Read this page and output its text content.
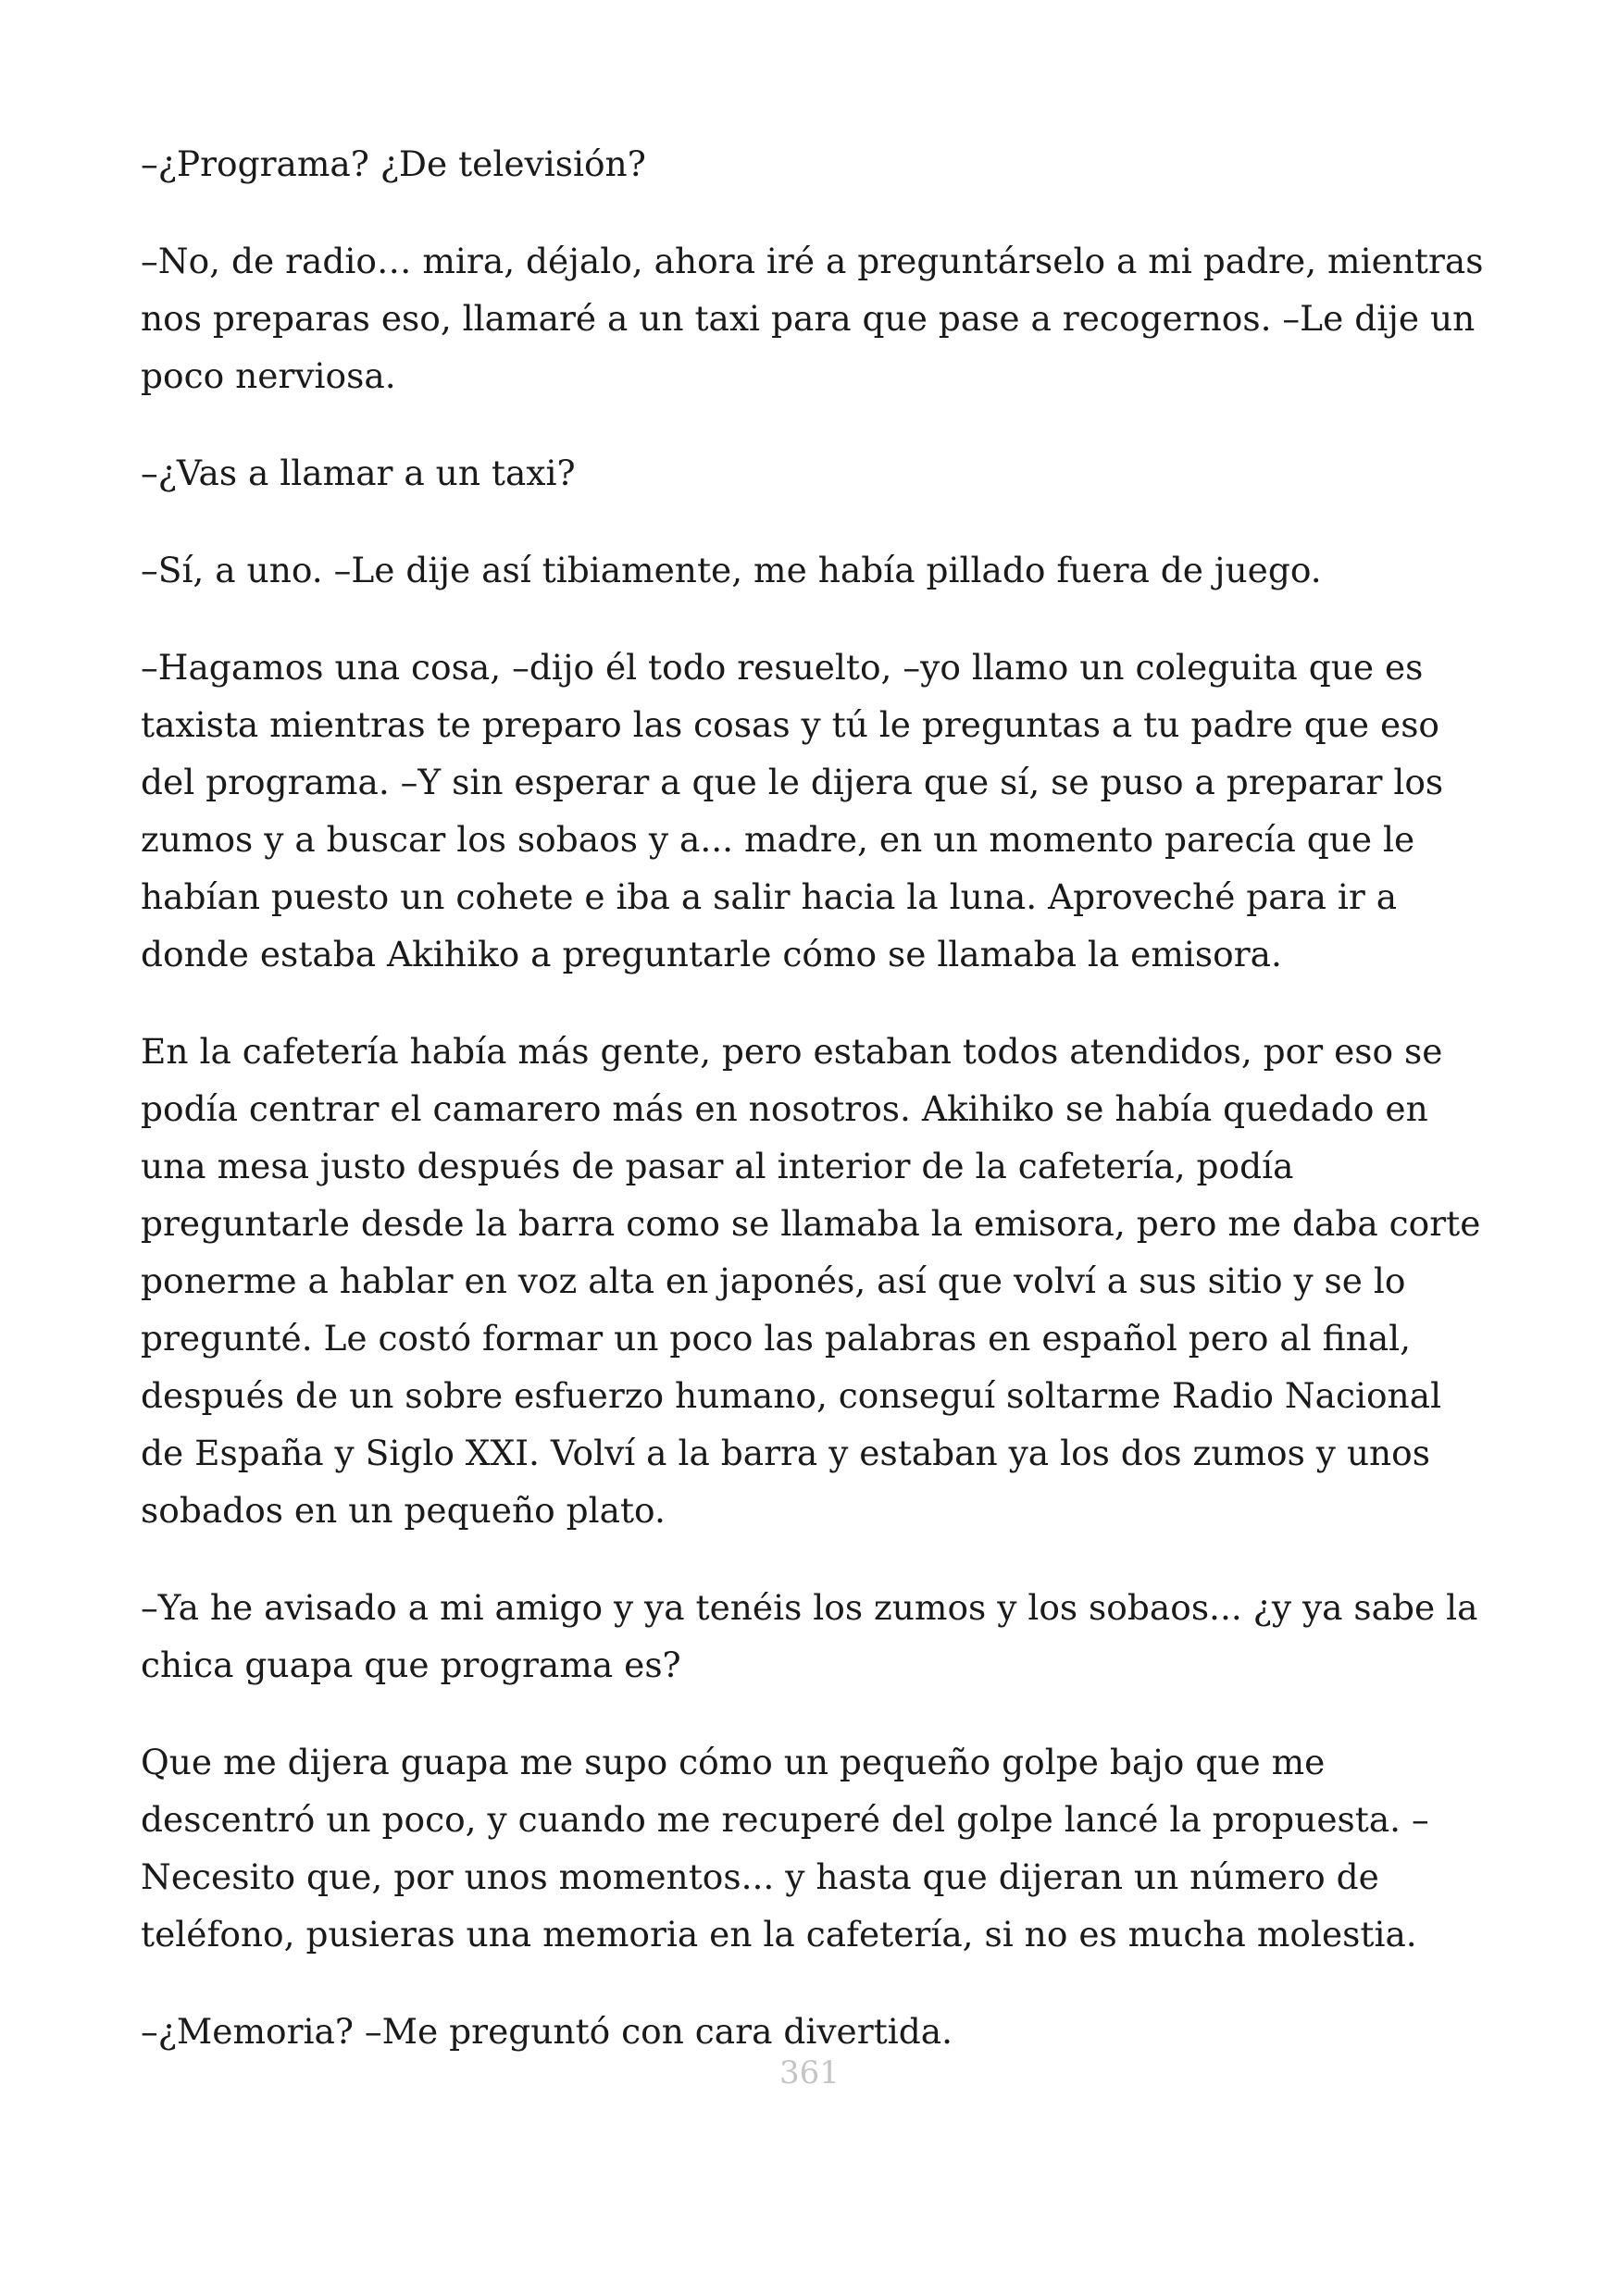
–¿Programa? ¿De televisión?

–No, de radio… mira, déjalo, ahora iré a preguntárselo a mi padre, mientras nos preparas eso, llamaré a un taxi para que pase a recogernos. –Le dije un poco nerviosa.

–¿Vas a llamar a un taxi?

–Sí, a uno. –Le dije así tibiamente, me había pillado fuera de juego.

–Hagamos una cosa, –dijo él todo resuelto, –yo llamo un coleguita que es taxista mientras te preparo las cosas y tú le preguntas a tu padre que eso del programa. –Y sin esperar a que le dijera que sí, se puso a preparar los zumos y a buscar los sobaos y a... madre, en un momento parecía que le habían puesto un cohete e iba a salir hacia la luna. Aproveché para ir a donde estaba Akihiko a preguntarle cómo se llamaba la emisora.

En la cafetería había más gente, pero estaban todos atendidos, por eso se podía centrar el camarero más en nosotros. Akihiko se había quedado en una mesa justo después de pasar al interior de la cafetería, podía preguntarle desde la barra como se llamaba la emisora, pero me daba corte ponerme a hablar en voz alta en japonés, así que volví a sus sitio y se lo pregunté. Le costó formar un poco las palabras en español pero al final, después de un sobre esfuerzo humano, conseguí soltarme Radio Nacional de España y Siglo XXI. Volví a la barra y estaban ya los dos zumos y unos sobados en un pequeño plato.

–Ya he avisado a mi amigo y ya tenéis los zumos y los sobaos... ¿y ya sabe la chica guapa que programa es?

Que me dijera guapa me supo cómo un pequeño golpe bajo que me descentró un poco, y cuando me recuperé del golpe lancé la propuesta. –Necesito que, por unos momentos... y hasta que dijeran un número de teléfono, pusieras una memoria en la cafetería, si no es mucha molestia.

–¿Memoria? –Me preguntó con cara divertida.

361
